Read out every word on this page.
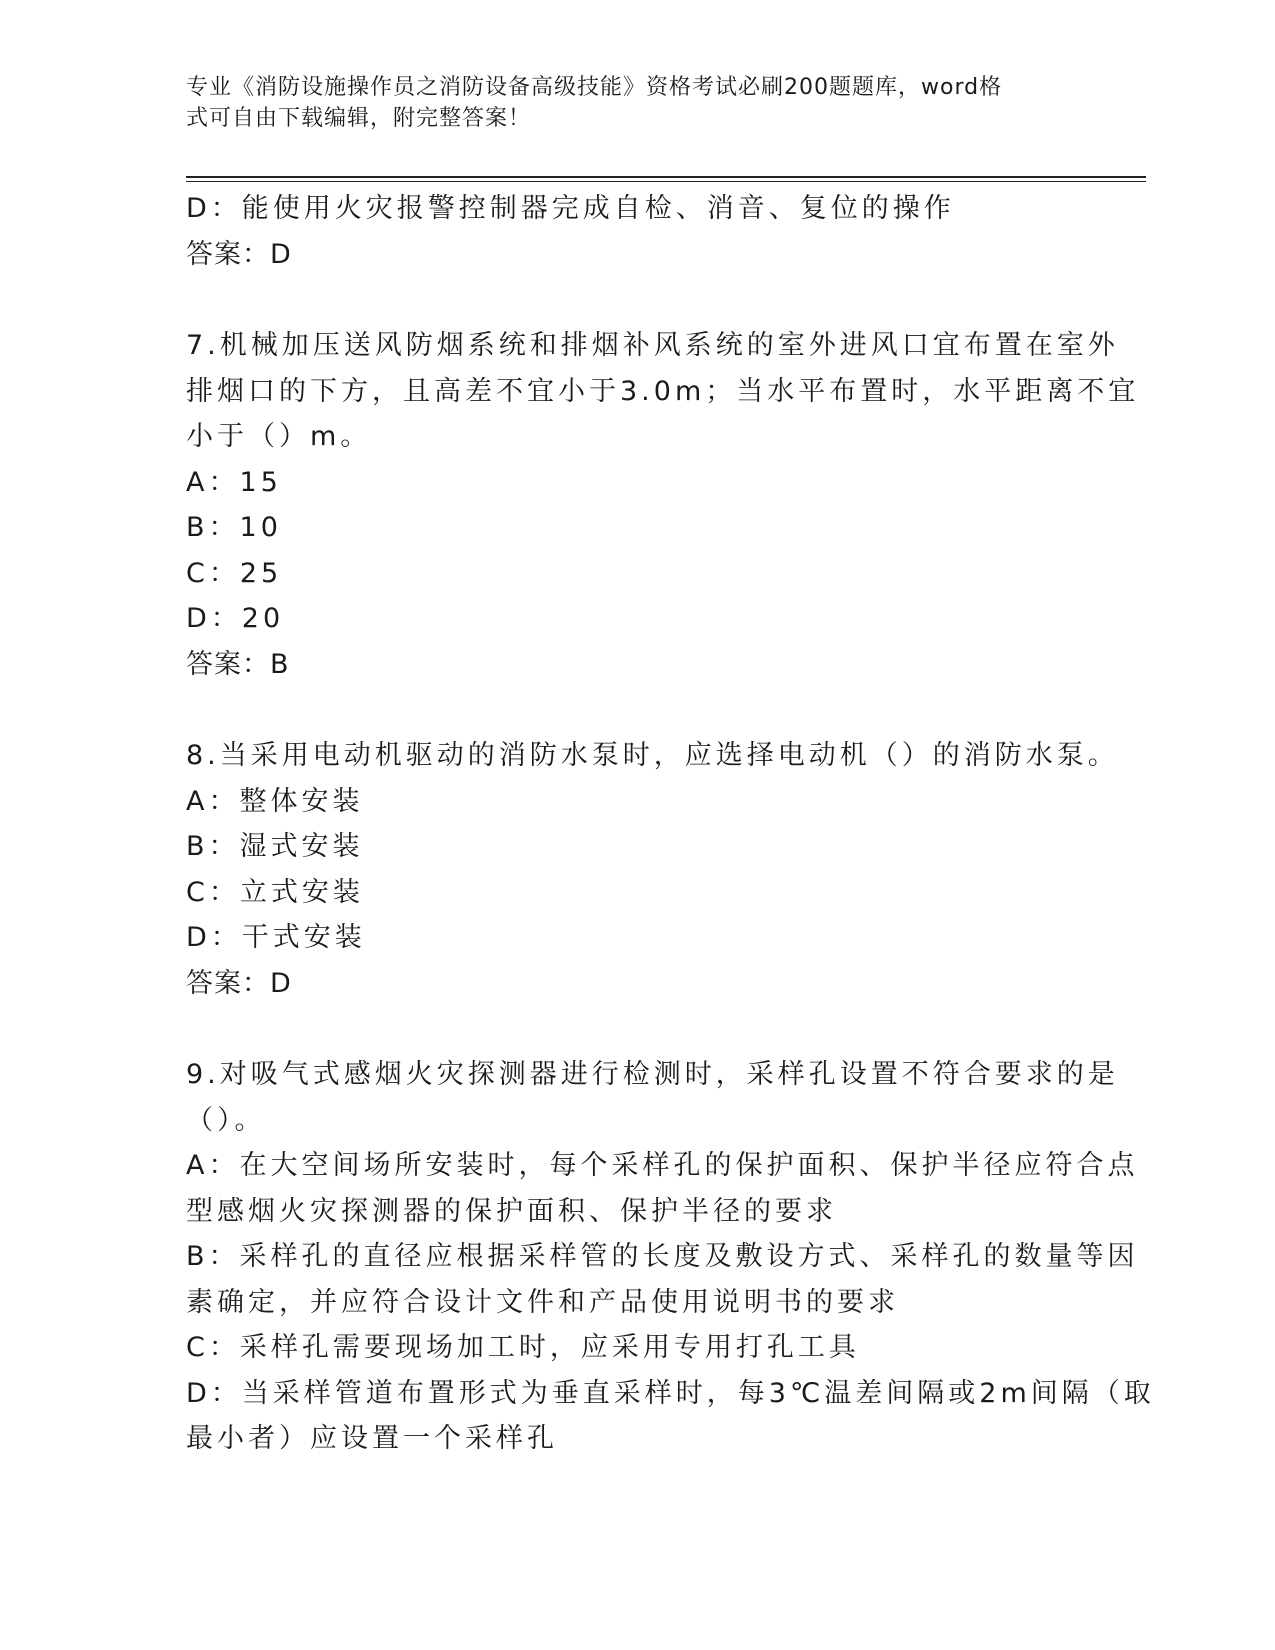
专业《消防设施操作员之消防设备高级技能》资格考试必刷200题题库，word格
式可自由下载编辑，附完整答案！
D：能使用火灾报警控制器完成自检、消音、复位的操作
答案：D
7.机械加压送风防烟系统和排烟补风系统的室外进风口宜布置在室外
排烟口的下方，且高差不宜小于3.0m；当水平布置时，水平距离不宜
小于（）m。
A：15
B：10
C：25
D：20
答案：B
8.当采用电动机驱动的消防水泵时，应选择电动机（）的消防水泵。
A：整体安装
B：湿式安装
C：立式安装
D：干式安装
答案：D
9.对吸气式感烟火灾探测器进行检测时，采样孔设置不符合要求的是
（）。
A：在大空间场所安装时，每个采样孔的保护面积、保护半径应符合点
型感烟火灾探测器的保护面积、保护半径的要求
B：采样孔的直径应根据采样管的长度及敷设方式、采样孔的数量等因
素确定，并应符合设计文件和产品使用说明书的要求
C：采样孔需要现场加工时，应采用专用打孔工具
D：当采样管道布置形式为垂直采样时，每3℃温差间隔或2m间隔（取
最小者）应设置一个采样孔
